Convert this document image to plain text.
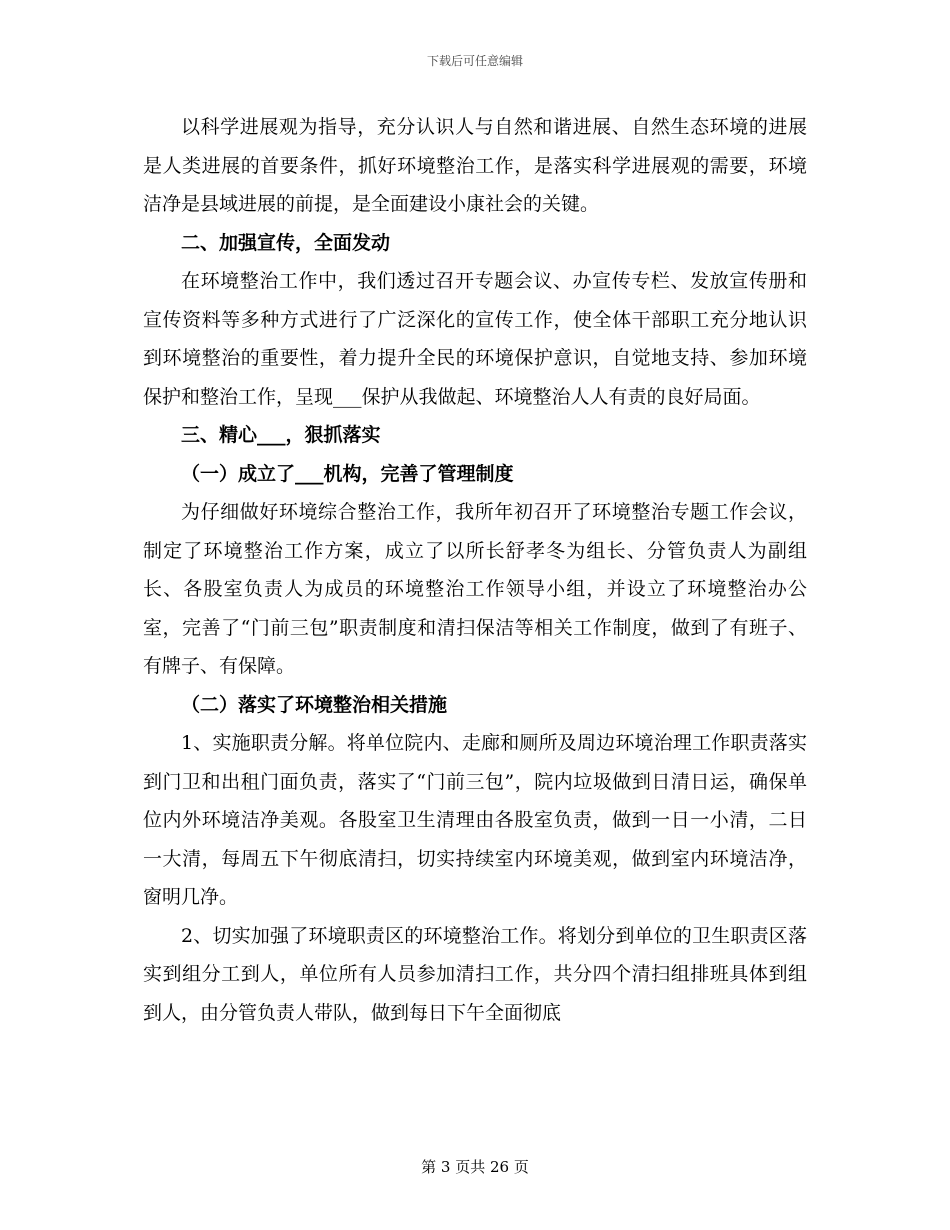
下载后可任意编辑

以科学进展观为指导，充分认识人与自然和谐进展、自然生态环境的进展是人类进展的首要条件，抓好环境整治工作，是落实科学进展观的需要，环境洁净是县域进展的前提，是全面建设小康社会的关键。

二、加强宣传，全面发动

在环境整治工作中，我们透过召开专题会议、办宣传专栏、发放宣传册和宣传资料等多种方式进行了广泛深化的宣传工作，使全体干部职工充分地认识到环境整治的重要性，着力提升全民的环境保护意识，自觉地支持、参加环境保护和整治工作，呈现___保护从我做起、环境整治人人有责的良好局面。

三、精心___，狠抓落实

（一）成立了___机构，完善了管理制度

为仔细做好环境综合整治工作，我所年初召开了环境整治专题工作会议，制定了环境整治工作方案，成立了以所长舒孝冬为组长、分管负责人为副组长、各股室负责人为成员的环境整治工作领导小组，并设立了环境整治办公室，完善了“门前三包”职责制度和清扫保洁等相关工作制度，做到了有班子、有牌子、有保障。

（二）落实了环境整治相关措施

1、实施职责分解。将单位院内、走廊和厕所及周边环境治理工作职责落实到门卫和出租门面负责，落实了“门前三包”，院内垃圾做到日清日运，确保单位内外环境洁净美观。各股室卫生清理由各股室负责，做到一日一小清，二日一大清，每周五下午彻底清扫，切实持续室内环境美观，做到室内环境洁净，窗明几净。

2、切实加强了环境职责区的环境整治工作。将划分到单位的卫生职责区落实到组分工到人，单位所有人员参加清扫工作，共分四个清扫组排班具体到组到人，由分管负责人带队，做到每日下午全面彻底

第 3 页共 26 页
